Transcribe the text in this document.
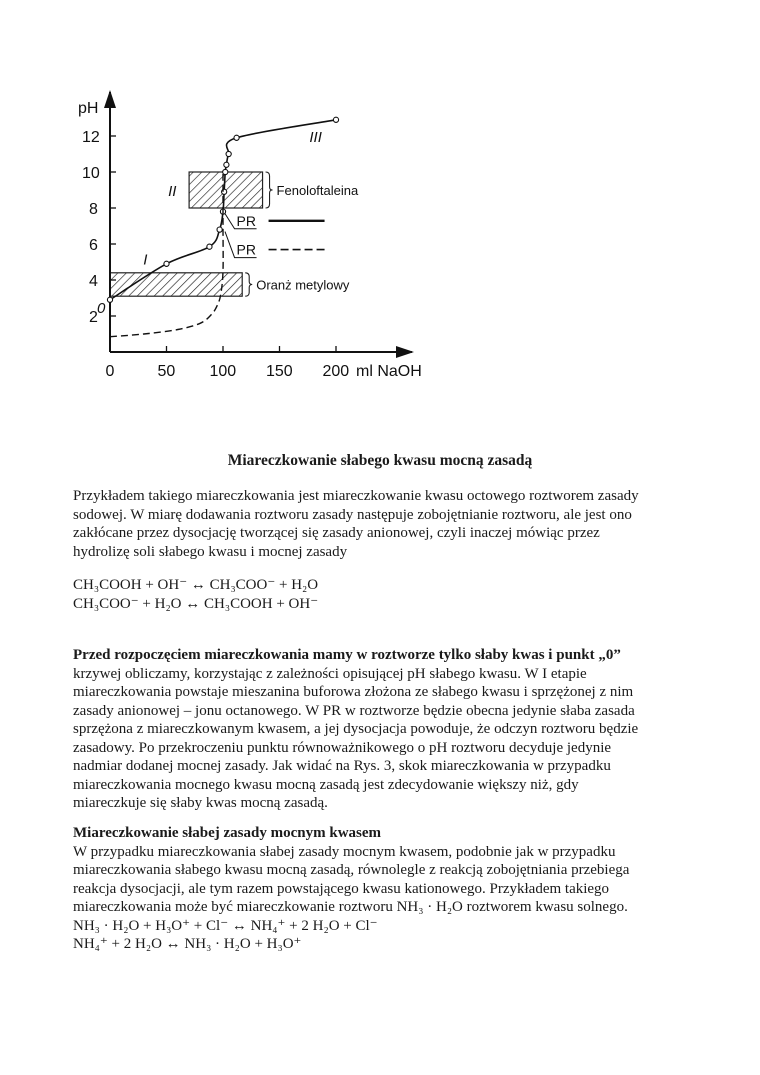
Fenoloftaleina
Oranż metylowy
2
4
6
8
10
12
0	50 100 150 200
pH
ml NaOH
0
I
II
III
PR
PR
Miareczkowanie słabego kwasu mocną zasadą

Przykładem takiego miareczkowania jest miareczkowanie kwasu octowego roztworem zasady

sodowej. W miarę dodawania roztworu zasady następuje zobojętnianie roztworu, ale jest ono

zakłócane przez dysocjację tworzącej się zasady anionowej, czyli inaczej mówiąc przez

hydrolizę soli słabego kwasu i mocnej zasady

CH₃COOH + OH⁻ ↔ CH₃COO⁻ + H₂O

CH₃COO⁻ + H₂O ↔ CH₃COOH + OH⁻

Przed rozpoczęciem miareczkowania mamy w roztworze tylko słaby kwas i punkt „0”

krzywej obliczamy, korzystając z zależności opisującej pH słabego kwasu. W I etapie

miareczkowania powstaje mieszanina buforowa złożona ze słabego kwasu i sprzężonej z nim

zasady anionowej – jonu octanowego. W PR w roztworze będzie obecna jedynie słaba zasada

sprzężona z miareczkowanym kwasem, a jej dysocjacja powoduje, że odczyn roztworu będzie

zasadowy. Po przekroczeniu punktu równoważnikowego o pH roztworu decyduje jedynie

nadmiar dodanej mocnej zasady. Jak widać na Rys. 3, skok miareczkowania w przypadku

miareczkowania mocnego kwasu mocną zasadą jest zdecydowanie większy niż, gdy

miareczkuje się słaby kwas mocną zasadą.

Miareczkowanie słabej zasady mocnym kwasem

W przypadku miareczkowania słabej zasady mocnym kwasem, podobnie jak w przypadku

miareczkowania słabego kwasu mocną zasadą, równolegle z reakcją zobojętniania przebiega

reakcja dysocjacji, ale tym razem powstającego kwasu kationowego. Przykładem takiego

miareczkowania może być miareczkowanie roztworu NH₃ · H₂O roztworem kwasu solnego.

NH₃ · H₂O + H₃O⁺ + Cl⁻ ↔ NH₄⁺ + 2 H₂O + Cl⁻

NH₄⁺ + 2 H₂O ↔ NH₃ · H₂O + H₃O⁺
